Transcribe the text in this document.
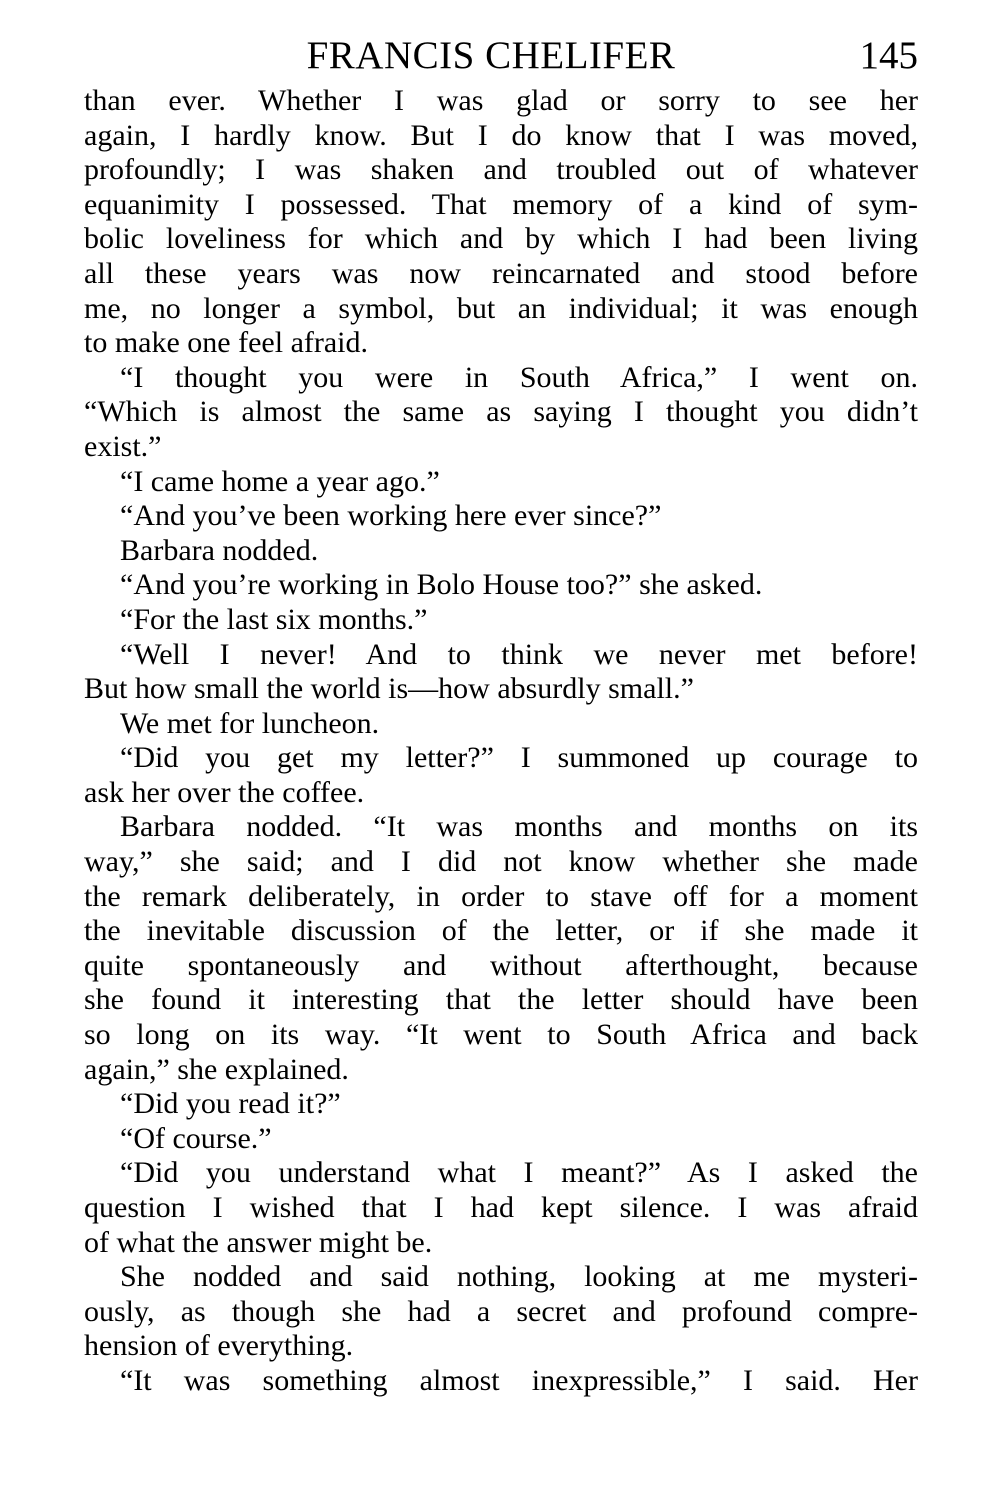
FRANCIS CHELIFER	145
than ever. Whether I was glad or sorry to see her
again, I hardly know. But I do know that I was moved,
profoundly; I was shaken and troubled out of whatever
equanimity I possessed. That memory of a kind of sym-
bolic loveliness for which and by which I had been living
all these years was now reincarnated and stood before
me, no longer a symbol, but an individual; it was enough
to make one feel afraid.
“I thought you were in South Africa,” I went on.
“Which is almost the same as saying I thought you didn’t
exist.”
“I came home a year ago.”
“And you’ve been working here ever since?”
Barbara nodded.
“And you’re working in Bolo House too?” she asked.
“For the last six months.”
“Well I never! And to think we never met before!
But how small the world is—how absurdly small.”
We met for luncheon.
“Did you get my letter?” I summoned up courage to
ask her over the coffee.
Barbara nodded. “It was months and months on its
way,” she said; and I did not know whether she made
the remark deliberately, in order to stave off for a moment
the inevitable discussion of the letter, or if she made it
quite spontaneously and without afterthought, because
she found it interesting that the letter should have been
so long on its way. “It went to South Africa and back
again,” she explained.
“Did you read it?”
“Of course.”
“Did you understand what I meant?” As I asked the
question I wished that I had kept silence. I was afraid
of what the answer might be.
She nodded and said nothing, looking at me mysteri-
ously, as though she had a secret and profound compre-
hension of everything.
“It was something almost inexpressible,” I said. Her
